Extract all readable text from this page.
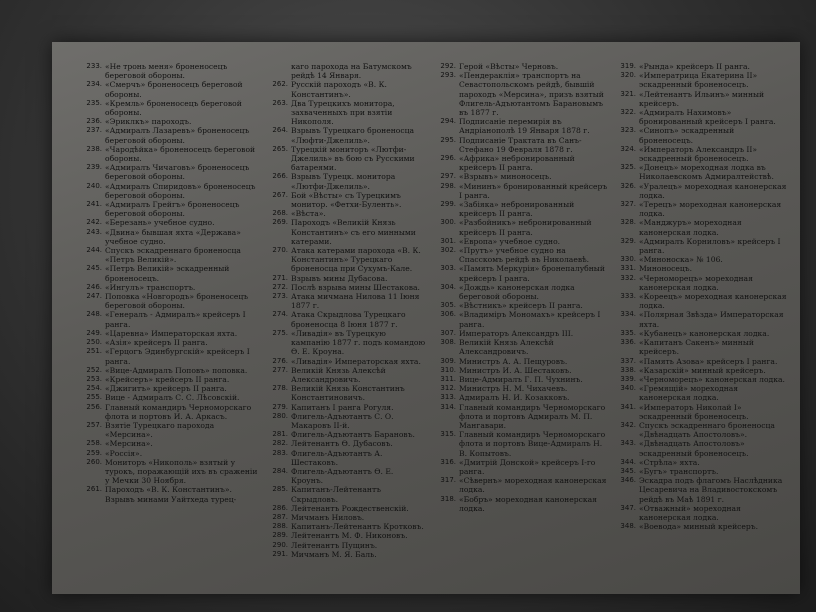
233. «Не тронь меня» броненосецъ береговой обороны.
234. «Смерчъ» броненосецъ береговой обороны.
235. «Кремль» броненосецъ береговой обороны.
236. «Эриклкъ» пароходъ.
237. «Адмиралъ Лазаревъ» броненосецъ береговой обороны.
238. «Чародѣйка» броненосецъ береговой обороны.
239. «Адмиралъ Чичаговъ» броненосецъ береговой обороны.
240. «Адмиралъ Спиридовъ» броненосецъ береговой обороны.
241. «Адмиралъ Грейгъ» броненосецъ береговой обороны.
242. «Березань» учебное судно.
243. «Двина» бывшая яхта «Держава» учебное судно.
244. Спускъ эскадреннаго броненосца «Петръ Великій».
245. «Петръ Великій» эскадренный броненосецъ.
246. «Ингулъ» транспортъ.
247. Поповка «Новгородъ» броненосецъ береговой обороны.
248. «Генералъ - Адмиралъ» крейсеръ I ранга.
249. «Царевна» Императорская яхта.
250. «Азія» крейсеръ II ранга.
251. «Герцогъ Эдинбургскій» крейсеръ I ранга.
252. «Вице-Адмиралъ Поповъ» поповка.
253. «Крейсеръ» крейсеръ II ранга.
254. «Джигитъ» крейсеръ II ранга.
255. Вице - Адмиралъ С. С. Лѣсовскій.
256. Главный командиръ Черноморскаго флота и портовъ И. А. Аркасъ.
257. Взятіе Турецкаго парохода «Мерсина».
258. «Мерсина».
259. «Россія».
260. Мониторъ «Никополь» взятый у турокъ, поражающій ихъ въ сраженіи у Мечки 30 Ноября.
261. Пароходъ «В. К. Константинъ». Взрывъ минами Уайтхеда турец-
каго парохода на Батумскомъ рейдѣ 14 Января.
262. Русскій пароходъ «В. К. Константинъ».
263. Два Турецкихъ монитора, захваченныхъ при взятіи Никополя.
264. Взрывъ Турецкаго броненосца «Люфти-Джелиль».
265. Турецкій мониторъ «Лютфи-Джелиль» въ бою съ Русскими батареями.
266. Взрывъ Турецк. монитора «Лютфи-Джелиль».
267. Бой «Вѣсты» съ Турецкимъ монитор. «Фетхи-Буленть».
268. «Вѣста».
269. Пароходъ «Великій Князь Константинъ» съ его минными катерами.
270. Атака катерами парохода «В. К. Константинъ» Турецкаго броненосца при Сухумъ-Кале.
271. Взрывъ мины Дубасова.
272. Послѣ взрыва мины Шестакова.
273. Атака мичмана Нилова 11 Іюня 1877 г.
274. Атака Скрыдлова Турецкаго броненосца 8 Іюня 1877 г.
275. «Ливадія» въ Турецкую кампанію 1877 г. подъ командою Ѳ. Е. Кроуна.
276. «Ливадія» Императорская яхта.
277. Великій Князь Алексѣй Александровичъ.
278. Великій Князь Константинъ Константиновичъ.
279. Капитанъ I ранга Рогуля.
280. Флигель-Адъютантъ С. О. Макаровъ II-й.
281. Флигель-Адъютантъ Барановъ.
282. Лейтенантъ Ѳ. Дубасовъ.
283. Флигель-Адъютантъ А. Шестаковъ.
284. Флигель-Адъютантъ Ѳ. Е. Кроунъ.
285. Капитанъ-Лейтенантъ Скрыдловъ.
286. Лейтенантъ Рождественскій.
287. Мичманъ Ниловъ.
288. Капитанъ-Лейтенантъ Кротковъ.
289. Лейтенантъ М. Ф. Никоновъ.
290. Лейтенантъ Пущинъ.
291. Мичманъ М. Я. Баль.
292. Герой «Вѣсты» Черновъ.
293. «Пендераклія» транспортъ на Севастопольскомъ рейдѣ, бывшій пароходъ «Мерсина», призъ взятый Флигель-Адъютантомъ Барановымъ въ 1877 г.
294. Подписаніе перемирія въ Андріанополѣ 19 Января 1878 г.
295. Подписаніе Трактата въ Санъ-Стефано 19 Февраля 1878 г.
296. «Африка» небронированный крейсеръ II ранга.
297. «Взрывъ» миноносецъ.
298. «Мининъ» бронированный крейсеръ I ранга.
299. «Забіяка» небронированный крейсеръ II ранга.
300. «Разбойникъ» небронированный крейсеръ II ранга.
301. «Европа» учебное судно.
302. «Прутъ» учебное судно на Спасскомъ рейдѣ въ Николаевѣ.
303. «Память Меркурія» бронепалубный крейсеръ I ранга.
304. «Дождь» канонерская лодка береговой обороны.
305. «Вѣстникъ» крейсеръ II ранга.
306. «Владиміръ Мономахъ» крейсеръ I ранга.
307. Императоръ Александръ III.
308. Великій Князь Алексѣй Александровичъ.
309. Министръ А. А. Пещуровъ.
310. Министръ И. А. Шестаковъ.
311. Вице-Адмиралъ Г. П. Чухнинъ.
312. Министръ Н. М. Чихачевъ.
313. Адмиралъ Н. И. Козакковъ.
314. Главный командиръ Черноморскаго флота и портовъ Адмиралъ М. П. Мангавари.
315. Главный командиръ Черноморскаго флота и портовъ Вице-Адмиралъ Н. В. Копытовъ.
316. «Дмитрій Донской» крейсеръ I-го ранга.
317. «Сѣвернъ» мореходная канонерская лодка.
318. «Бобръ» мореходная канонерская лодка.
319. «Рында» крейсеръ II ранга.
320. «Императрица Екатерина II» эскадренный броненосецъ.
321. «Лейтенантъ Ильинъ» минный крейсеръ.
322. «Адмиралъ Нахимовъ» бронированный крейсеръ I ранга.
323. «Синопъ» эскадренный броненосецъ.
324. «Императоръ Александръ II» эскадренный броненосецъ.
325. «Донецъ» мореходная лодка въ Николаевскомъ Адмиралтействѣ.
326. «Уралецъ» мореходная канонерская лодка.
327. «Терецъ» мореходная канонерская лодка.
328. «Манджуръ» мореходная канонерская лодка.
329. «Адмиралъ Корниловъ» крейсеръ I ранга.
330. «Миноноска» № 106.
331. Миноносецъ.
332. «Черноморецъ» мореходная канонерская лодка.
333. «Кореецъ» мореходная канонерская лодка.
334. «Полярная Звѣзда» Императорская яхта.
335. «Кубанецъ» канонерская лодка.
336. «Капитанъ Сакенъ» минный крейсеръ.
337. «Память Азова» крейсеръ I ранга.
338. «Казарскій» минный крейсеръ.
339. «Черноморецъ» канонерская лодка.
340. «Гремящій» мореходная канонерская лодка.
341. «Императоръ Николай I» эскадренный броненосецъ.
342. Спускъ эскадреннаго броненосца «Двѣнадцать Апостоловъ».
343. «Двѣнадцать Апостоловъ» эскадренный броненосецъ.
344. «Стрѣла» яхта.
345. «Бугъ» транспортъ.
346. Эскадра подъ флагомъ Наслѣдника Цесаревича на Владивостокскомъ рейдѣ въ Маѣ 1891 г.
347. «Отважный» мореходная канонерская лодка.
348. «Воевода» минный крейсеръ.
